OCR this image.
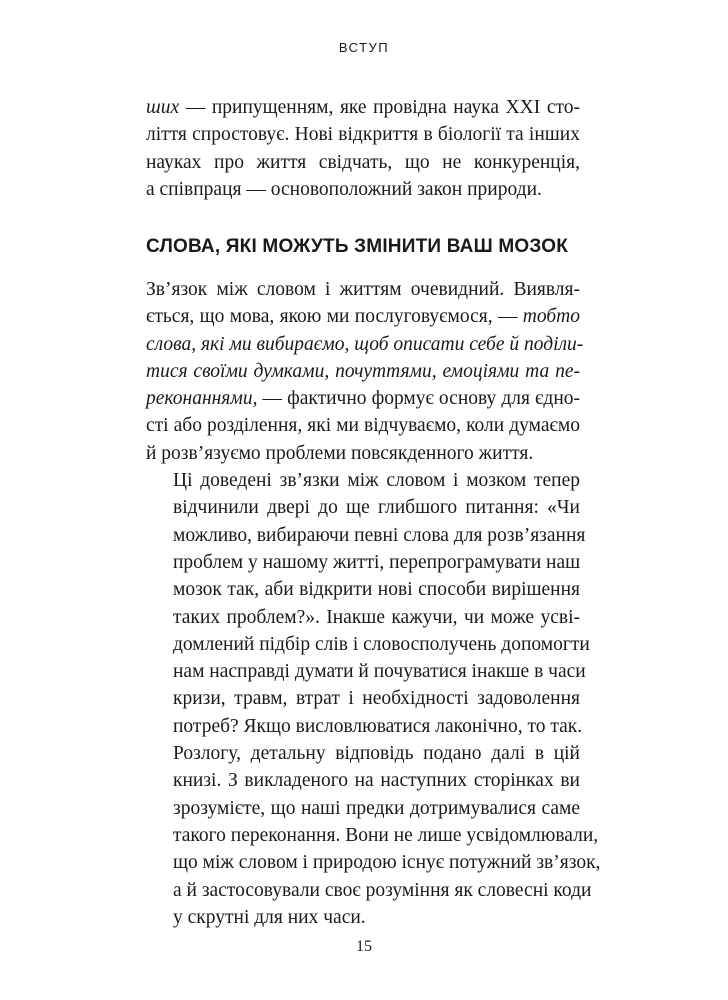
ВСТУП

ших — припущенням, яке провідна наука XXI сто-
ліття спростовує. Нові відкриття в біології та інших
науках про життя свідчать, що не конкуренція,
а співпраця — основоположний закон природи.

СЛОВА, ЯКІ МОЖУТЬ ЗМІНИТИ ВАШ МОЗОК

Зв’язок між словом і життям очевидний. Виявля-
ється, що мова, якою ми послуговуємося, — тобто
слова, які ми вибираємо, щоб описати себе й поділи-
тися своїми думками, почуттями, емоціями та пе-
реконаннями, — фактично формує основу для єдно-
сті або розділення, які ми відчуваємо, коли думаємо
й розв’язуємо проблеми повсякденного життя.

Ці доведені зв’язки між словом і мозком тепер
відчинили двері до ще глибшого питання: «Чи
можливо, вибираючи певні слова для розв’язання
проблем у нашому житті, перепрограмувати наш
мозок так, аби відкрити нові способи вирішення
таких проблем?». Інакше кажучи, чи може усві-
домлений підбір слів і словосполучень допомогти
нам насправді думати й почуватися інакше в часи
кризи, травм, втрат і необхідності задоволення
потреб? Якщо висловлюватися лаконічно, то так.
Розлогу, детальну відповідь подано далі в цій
книзі. З викладеного на наступних сторінках ви
зрозумієте, що наші предки дотримувалися саме
такого переконання. Вони не лише усвідомлювали,
що між словом і природою існує потужний зв’язок,
а й застосовували своє розуміння як словесні коди
у скрутні для них часи.

15
